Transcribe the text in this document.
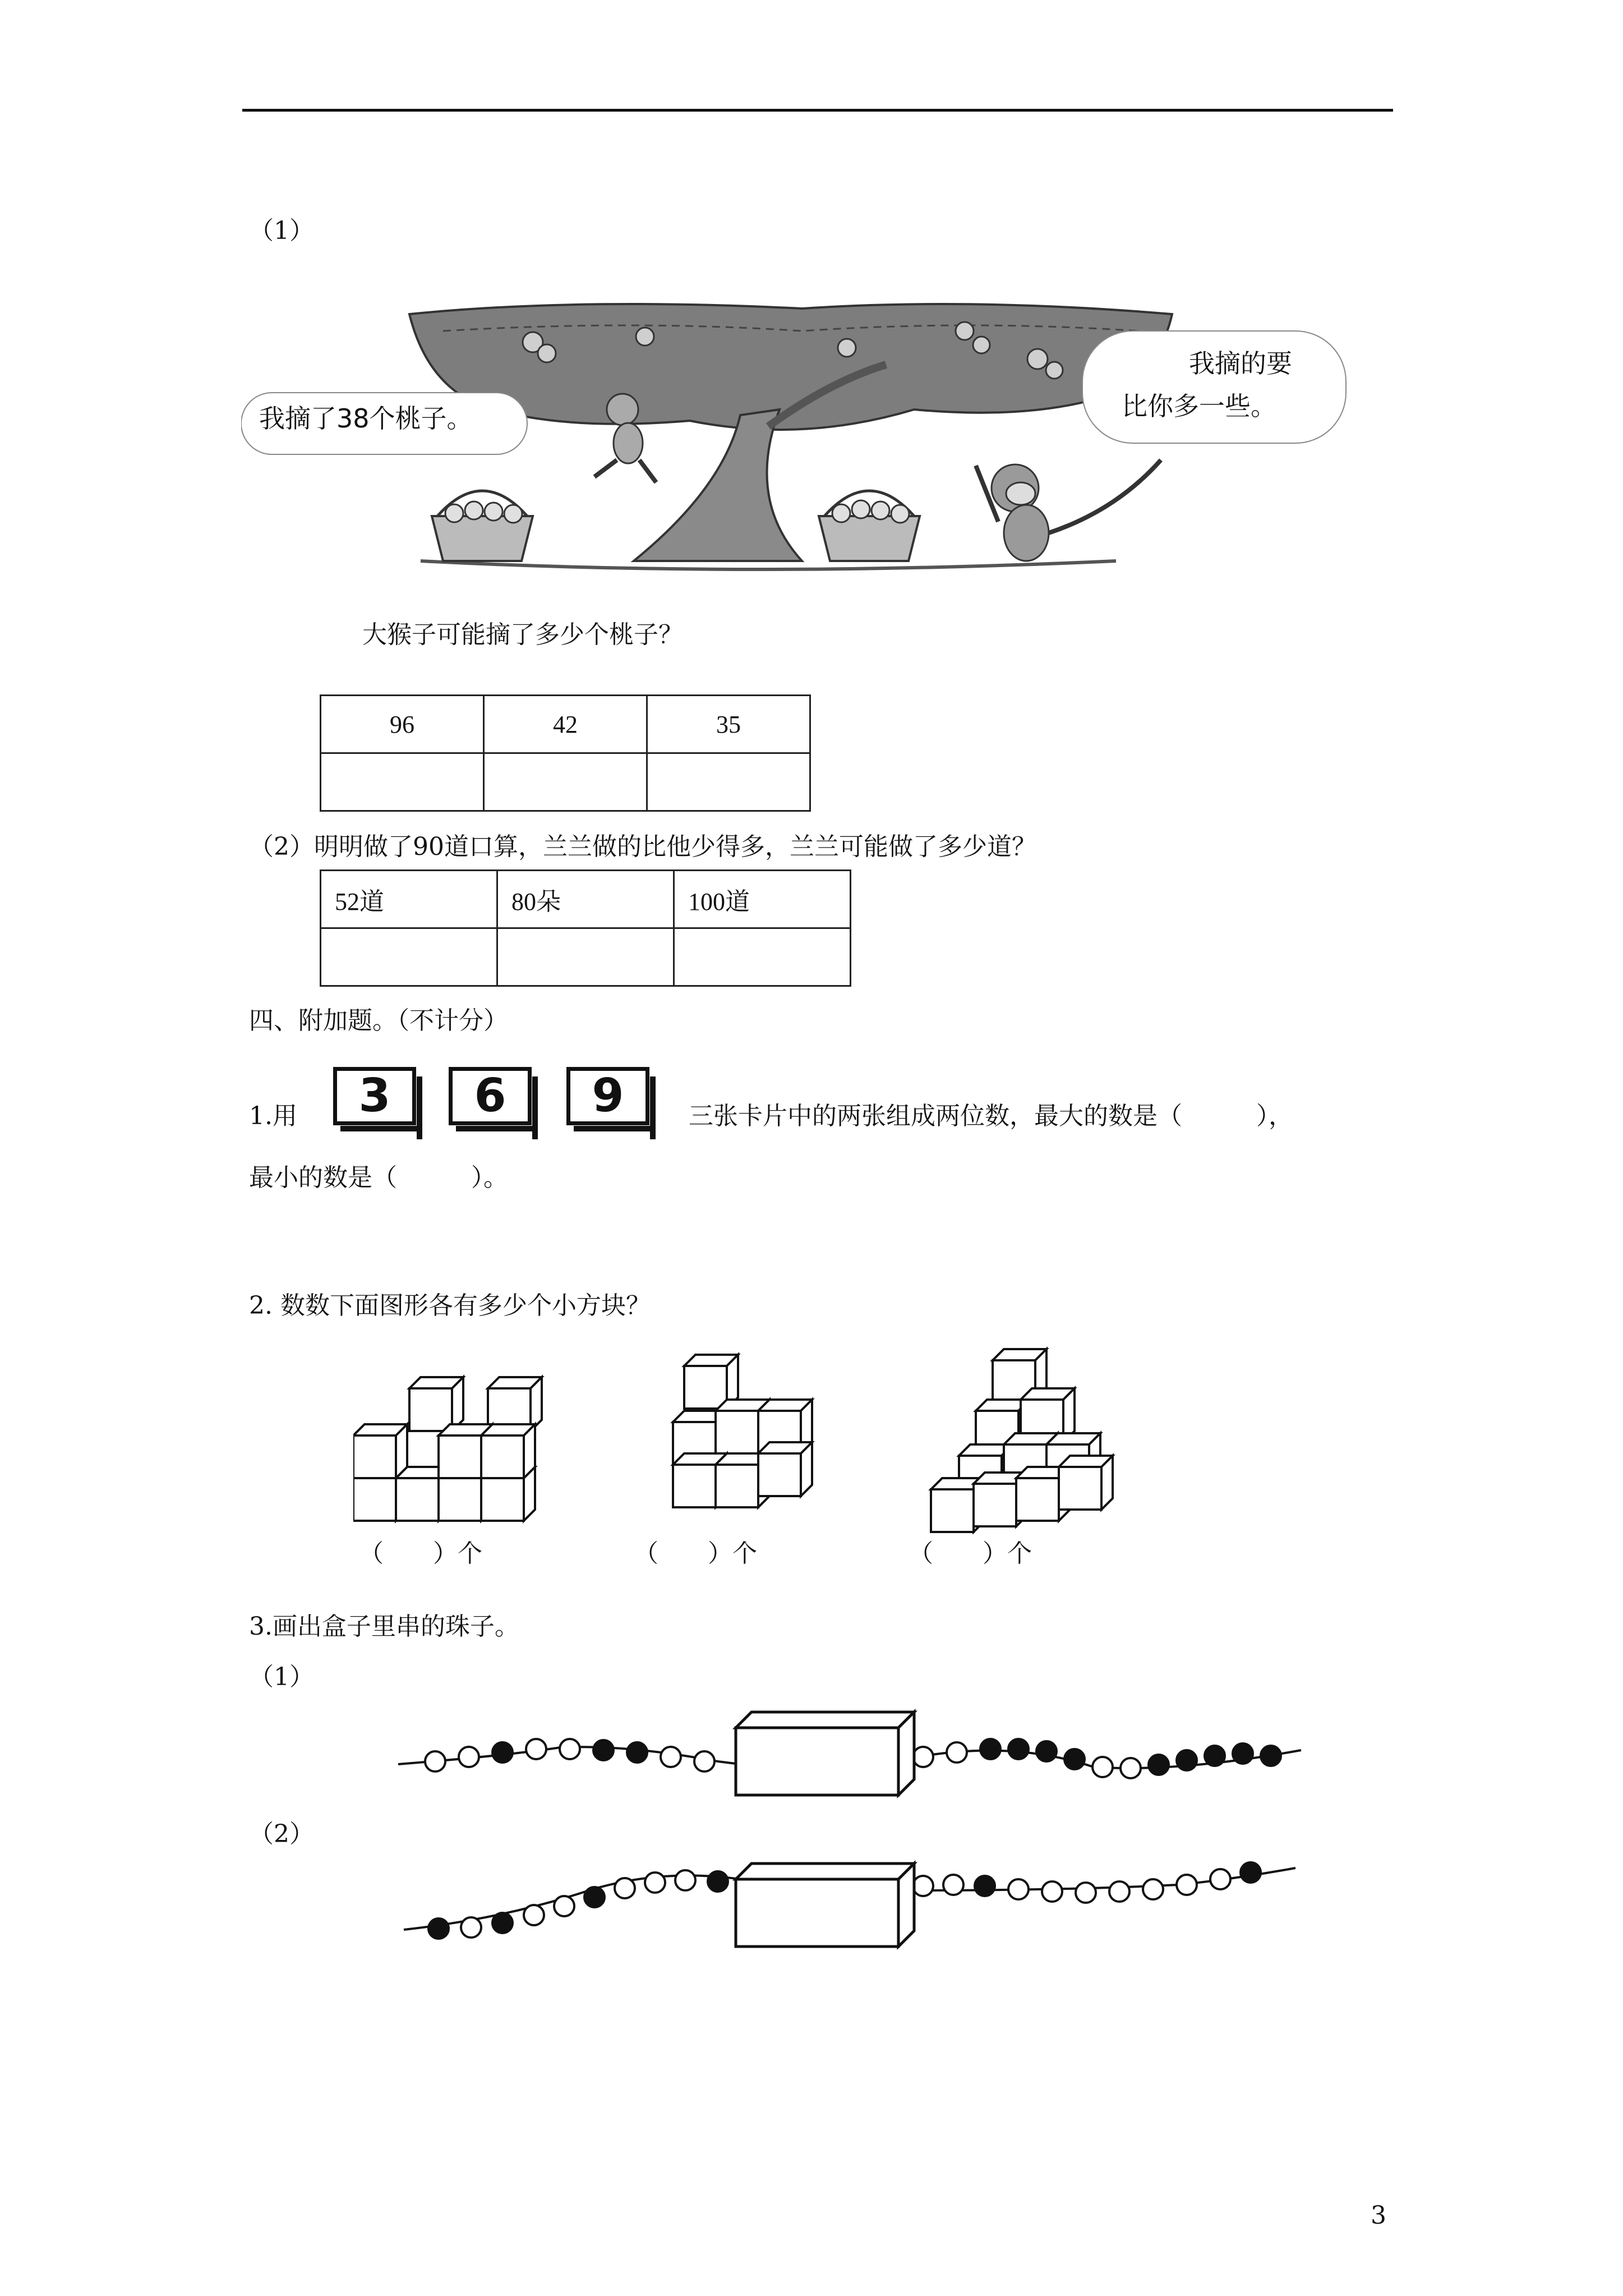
（1）
我摘了38个桃子。
我摘的要
比你多一些。
大猴子可能摘了多少个桃子？
96	42	35

（2）明明做了90道口算，兰兰做的比他少得多，兰兰可能做了多少道？
52道	80朵	100道

四、附加题。（不计分）
1.用	3	6	9	三张卡片中的两张组成两位数，最大的数是（　　　），
最小的数是（　　　）。
2. 数数下面图形各有多少个小方块？
（　　）个	（　　）个	（　　）个
3.画出盒子里串的珠子。
（1）
（2）
3
